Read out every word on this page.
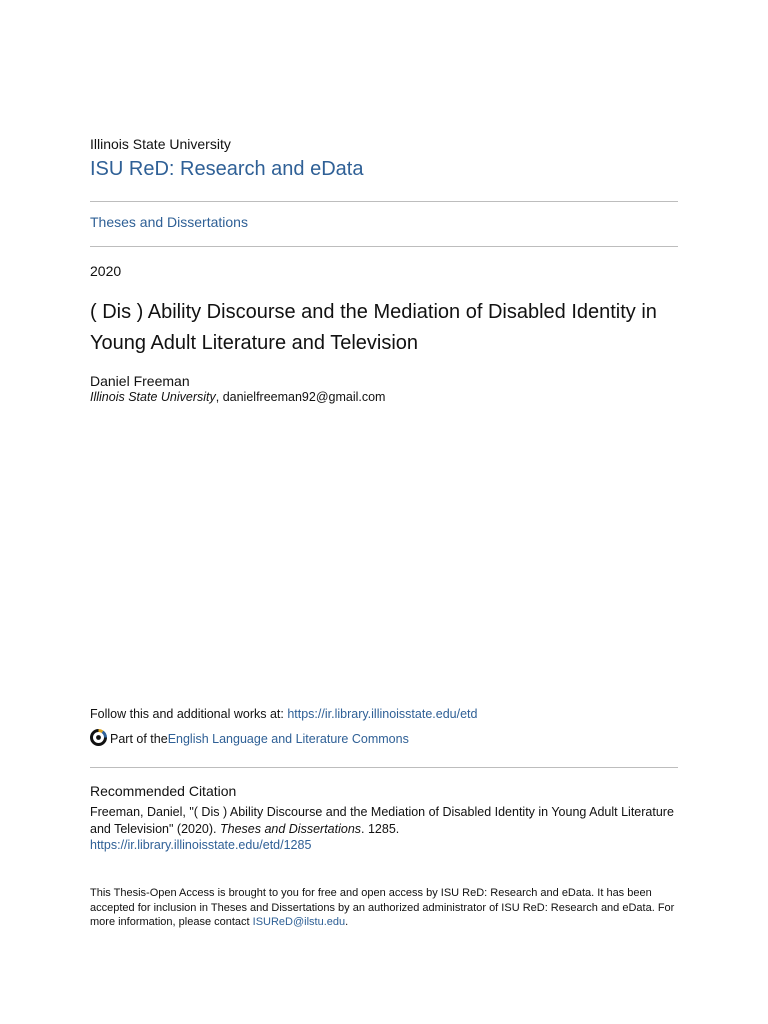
Illinois State University
ISU ReD: Research and eData
Theses and Dissertations
2020
( Dis ) Ability Discourse and the Mediation of Disabled Identity in Young Adult Literature and Television
Daniel Freeman
Illinois State University, danielfreeman92@gmail.com
Follow this and additional works at: https://ir.library.illinoisstate.edu/etd
Part of the English Language and Literature Commons
Recommended Citation
Freeman, Daniel, "( Dis ) Ability Discourse and the Mediation of Disabled Identity in Young Adult Literature and Television" (2020). Theses and Dissertations. 1285.
https://ir.library.illinoisstate.edu/etd/1285
This Thesis-Open Access is brought to you for free and open access by ISU ReD: Research and eData. It has been accepted for inclusion in Theses and Dissertations by an authorized administrator of ISU ReD: Research and eData. For more information, please contact ISUReD@ilstu.edu.
